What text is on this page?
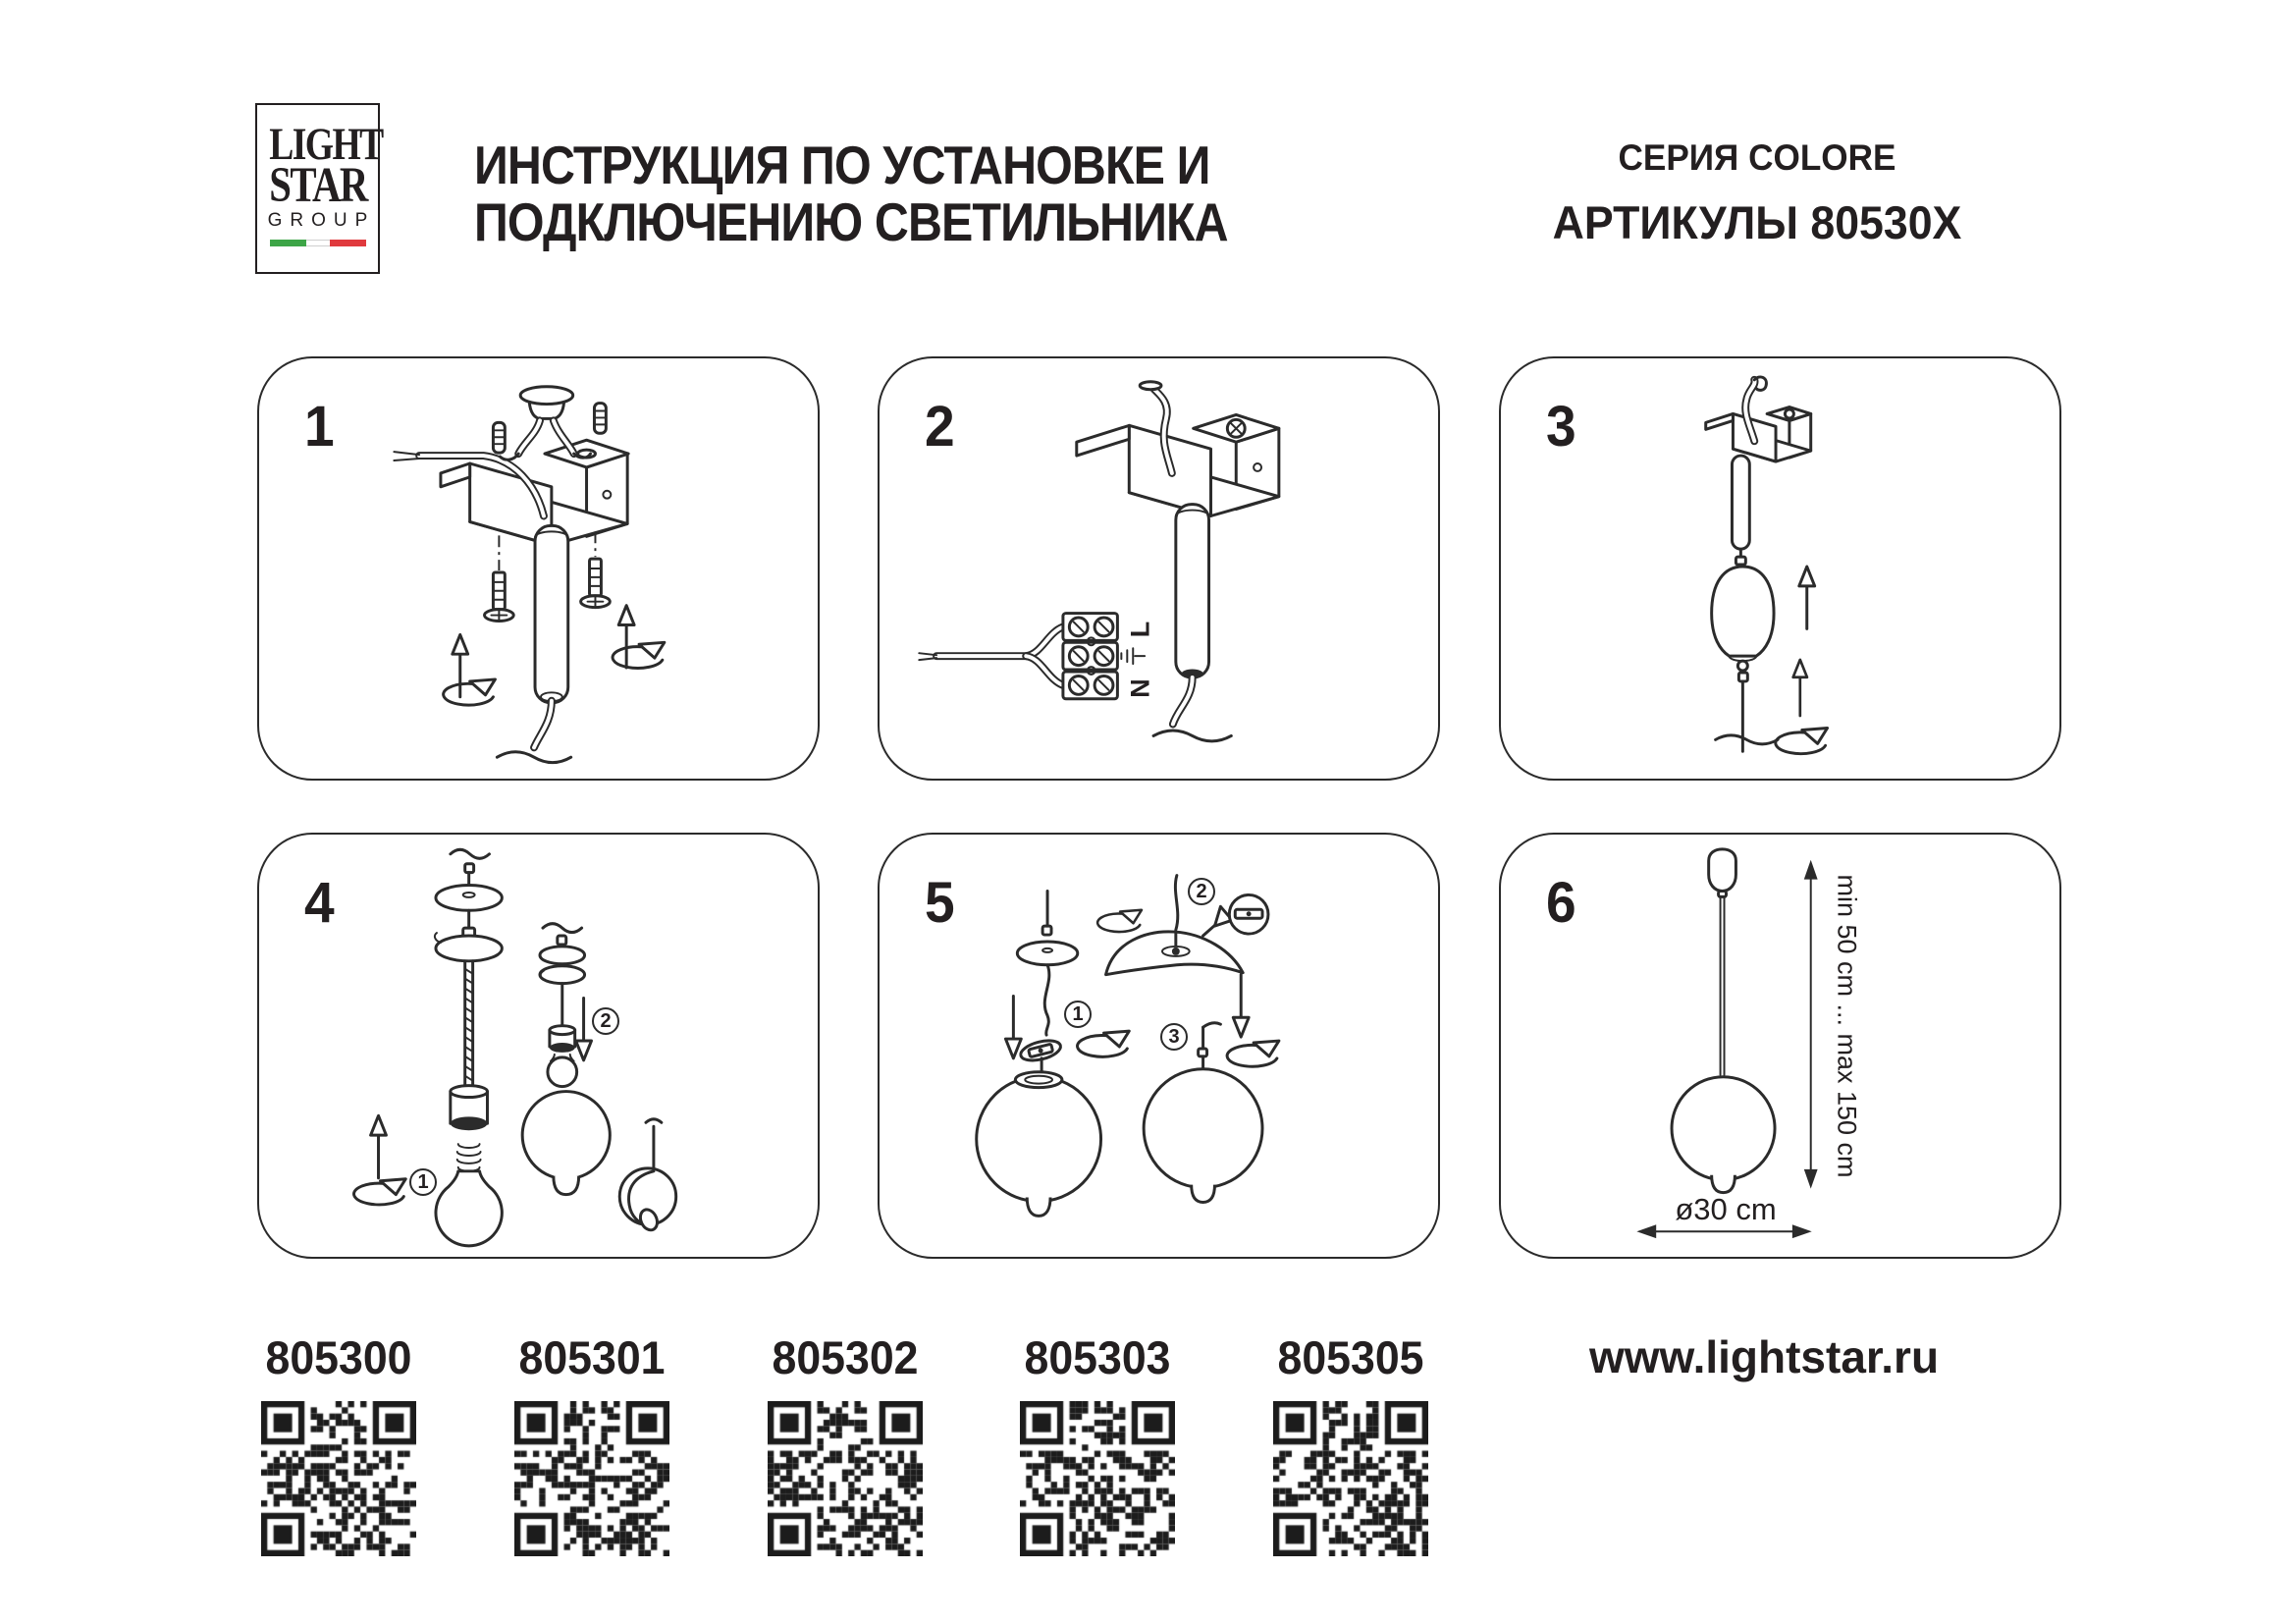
LIGHT
STAR
GROUP
ИНСТРУКЦИЯ ПО УСТАНОВКЕ И
ПОДКЛЮЧЕНИЮ СВЕТИЛЬНИКА
СЕРИЯ COLORE
АРТИКУЛЫ 80530X
1	2
L
N
3
4
1
2
5
1
2
3
6	min 50 cm ... max 150 cm
ø30 cm
805300	805301	805302	805303	805305	www.lightstar.ru
